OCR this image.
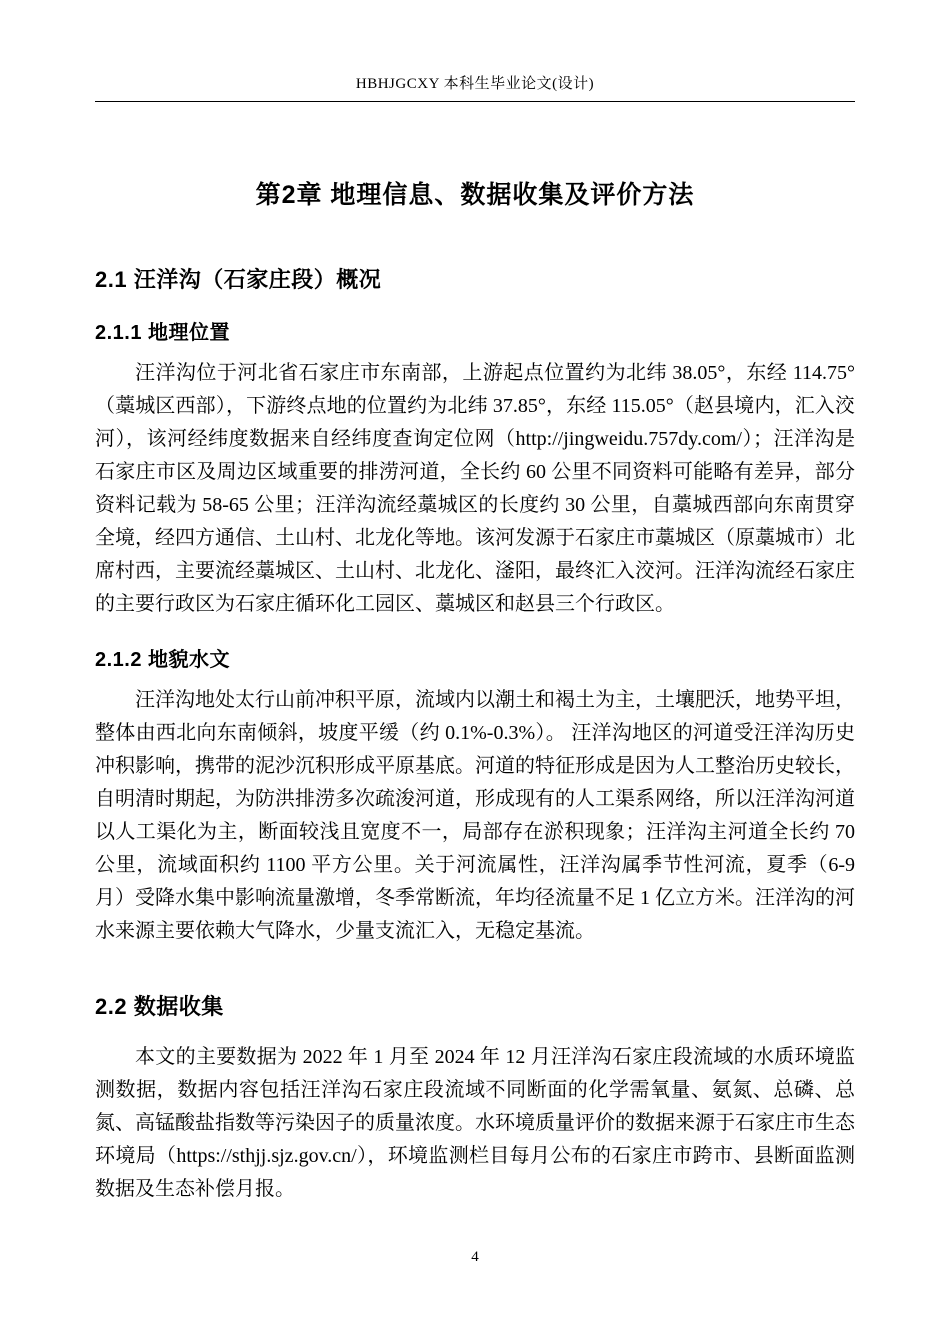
HBHJGCXY 本科生毕业论文(设计)
第2章 地理信息、数据收集及评价方法
2.1 汪洋沟（石家庄段）概况
2.1.1 地理位置

汪洋沟位于河北省石家庄市东南部，上游起点位置约为北纬 38.05°，东经 114.75°（藁城区西部），下游终点地的位置约为北纬 37.85°，东经 115.05°（赵县境内，汇入洨河），该河经纬度数据来自经纬度查询定位网（http://jingweidu.757dy.com/）；汪洋沟是石家庄市区及周边区域重要的排涝河道，全长约 60 公里不同资料可能略有差异，部分资料记载为 58-65 公里；汪洋沟流经藁城区的长度约 30 公里，自藁城西部向东南贯穿全境，经四方通信、土山村、北龙化等地。该河发源于石家庄市藁城区（原藁城市）北席村西，主要流经藁城区、土山村、北龙化、滏阳，最终汇入洨河。汪洋沟流经石家庄的主要行政区为石家庄循环化工园区、藁城区和赵县三个行政区。

2.1.2 地貌水文

汪洋沟地处太行山前冲积平原，流域内以潮土和褐土为主，土壤肥沃，地势平坦，整体由西北向东南倾斜，坡度平缓（约 0.1%-0.3%）。 汪洋沟地区的河道受汪洋沟历史冲积影响，携带的泥沙沉积形成平原基底。河道的特征形成是因为人工整治历史较长，自明清时期起，为防洪排涝多次疏浚河道，形成现有的人工渠系网络，所以汪洋沟河道以人工渠化为主，断面较浅且宽度不一，局部存在淤积现象；汪洋沟主河道全长约 70 公里，流域面积约 1100 平方公里。关于河流属性，汪洋沟属季节性河流，夏季（6-9 月）受降水集中影响流量激增，冬季常断流，年均径流量不足 1 亿立方米。汪洋沟的河水来源主要依赖大气降水，少量支流汇入，无稳定基流。

2.2 数据收集

本文的主要数据为 2022 年 1 月至 2024 年 12 月汪洋沟石家庄段流域的水质环境监测数据，数据内容包括汪洋沟石家庄段流域不同断面的化学需氧量、氨氮、总磷、总氮、高锰酸盐指数等污染因子的质量浓度。水环境质量评价的数据来源于石家庄市生态环境局（https://sthjj.sjz.gov.cn/），环境监测栏目每月公布的石家庄市跨市、县断面监测数据及生态补偿月报。

4
